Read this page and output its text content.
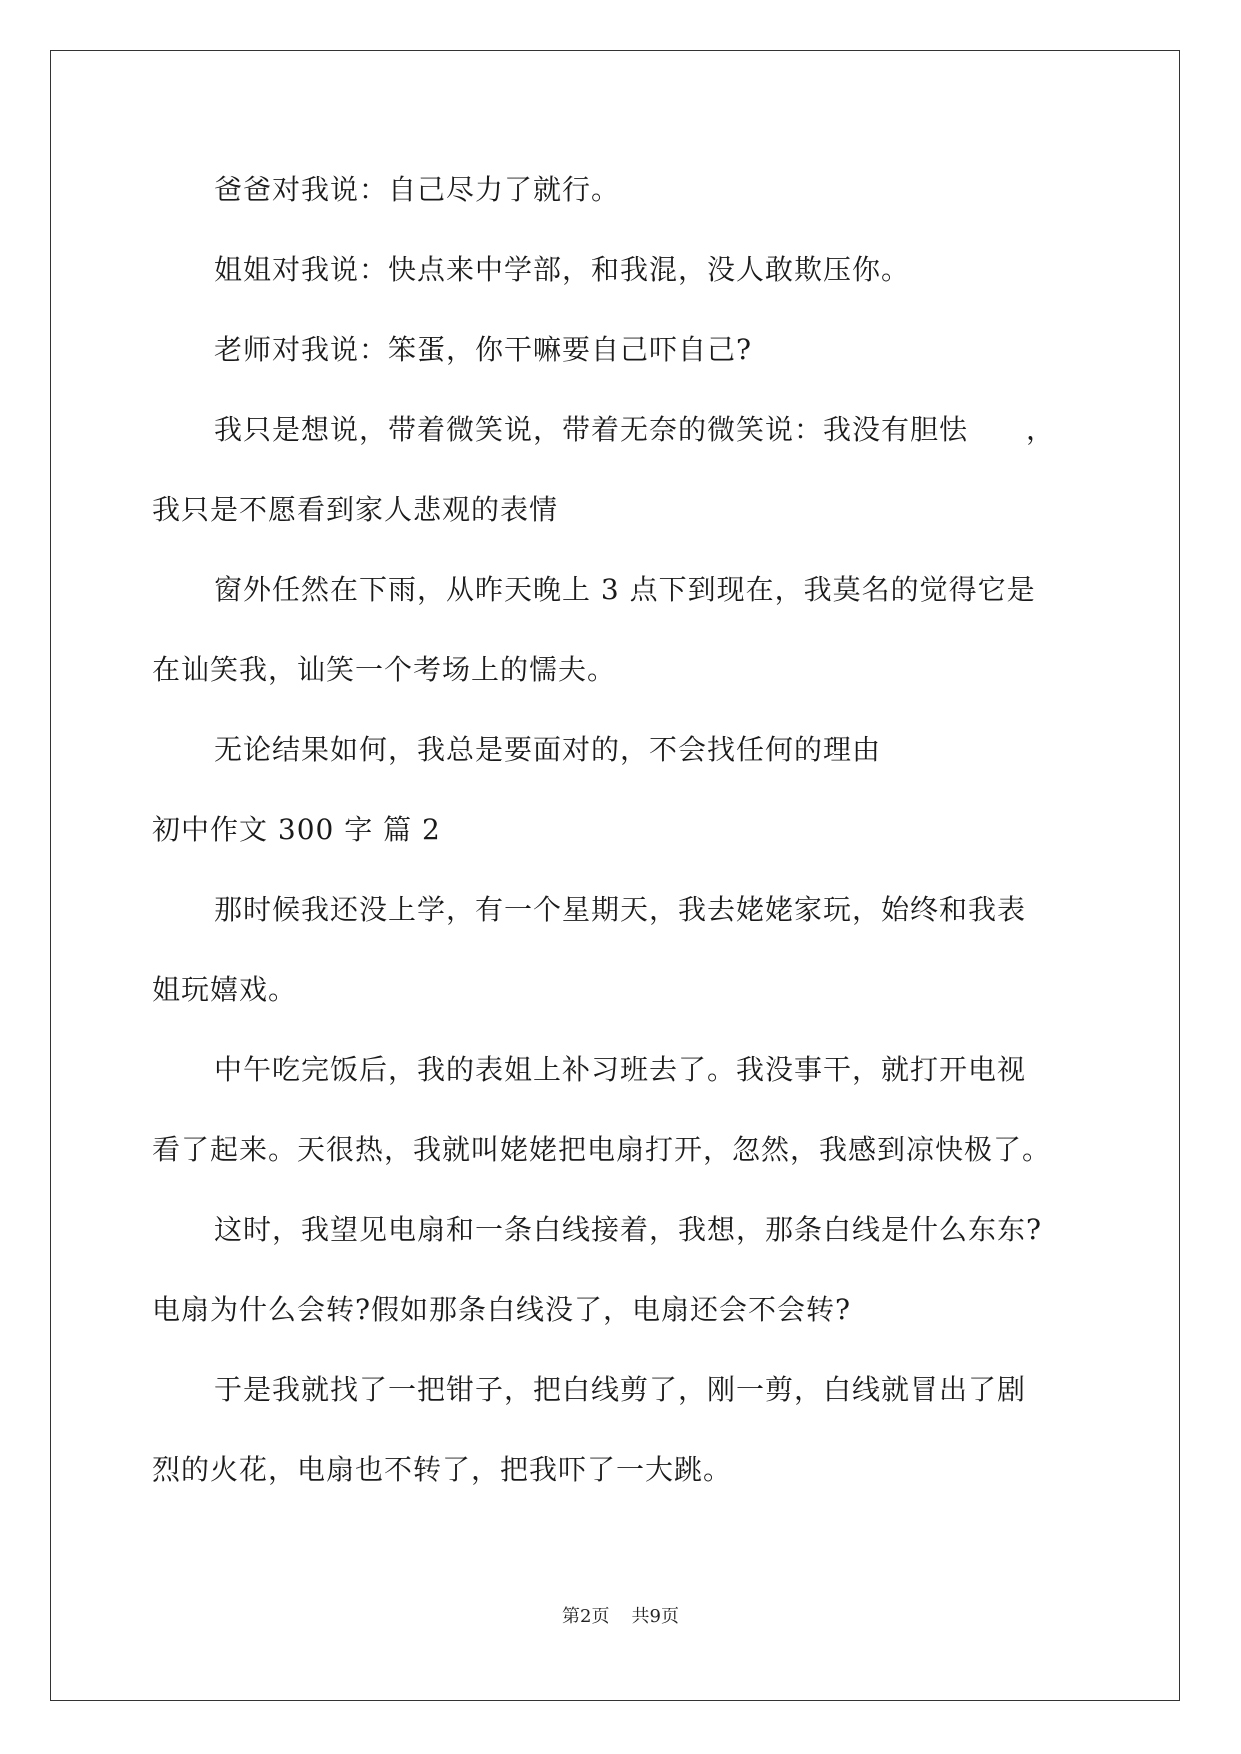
爸爸对我说：自己尽力了就行。
姐姐对我说：快点来中学部，和我混，没人敢欺压你。
老师对我说：笨蛋，你干嘛要自己吓自己?
我只是想说，带着微笑说，带着无奈的微笑说：我没有胆怯　　，
我只是不愿看到家人悲观的表情
窗外任然在下雨，从昨天晚上 3 点下到现在，我莫名的觉得它是
在讪笑我，讪笑一个考场上的懦夫。
无论结果如何，我总是要面对的，不会找任何的理由
初中作文 300 字 篇 2
那时候我还没上学，有一个星期天，我去姥姥家玩，始终和我表
姐玩嬉戏。
中午吃完饭后，我的表姐上补习班去了。我没事干，就打开电视
看了起来。天很热，我就叫姥姥把电扇打开，忽然，我感到凉快极了。
这时，我望见电扇和一条白线接着，我想，那条白线是什么东东?
电扇为什么会转?假如那条白线没了，电扇还会不会转?
于是我就找了一把钳子，把白线剪了，刚一剪，白线就冒出了剧
烈的火花，电扇也不转了，把我吓了一大跳。
第2页 共9页
